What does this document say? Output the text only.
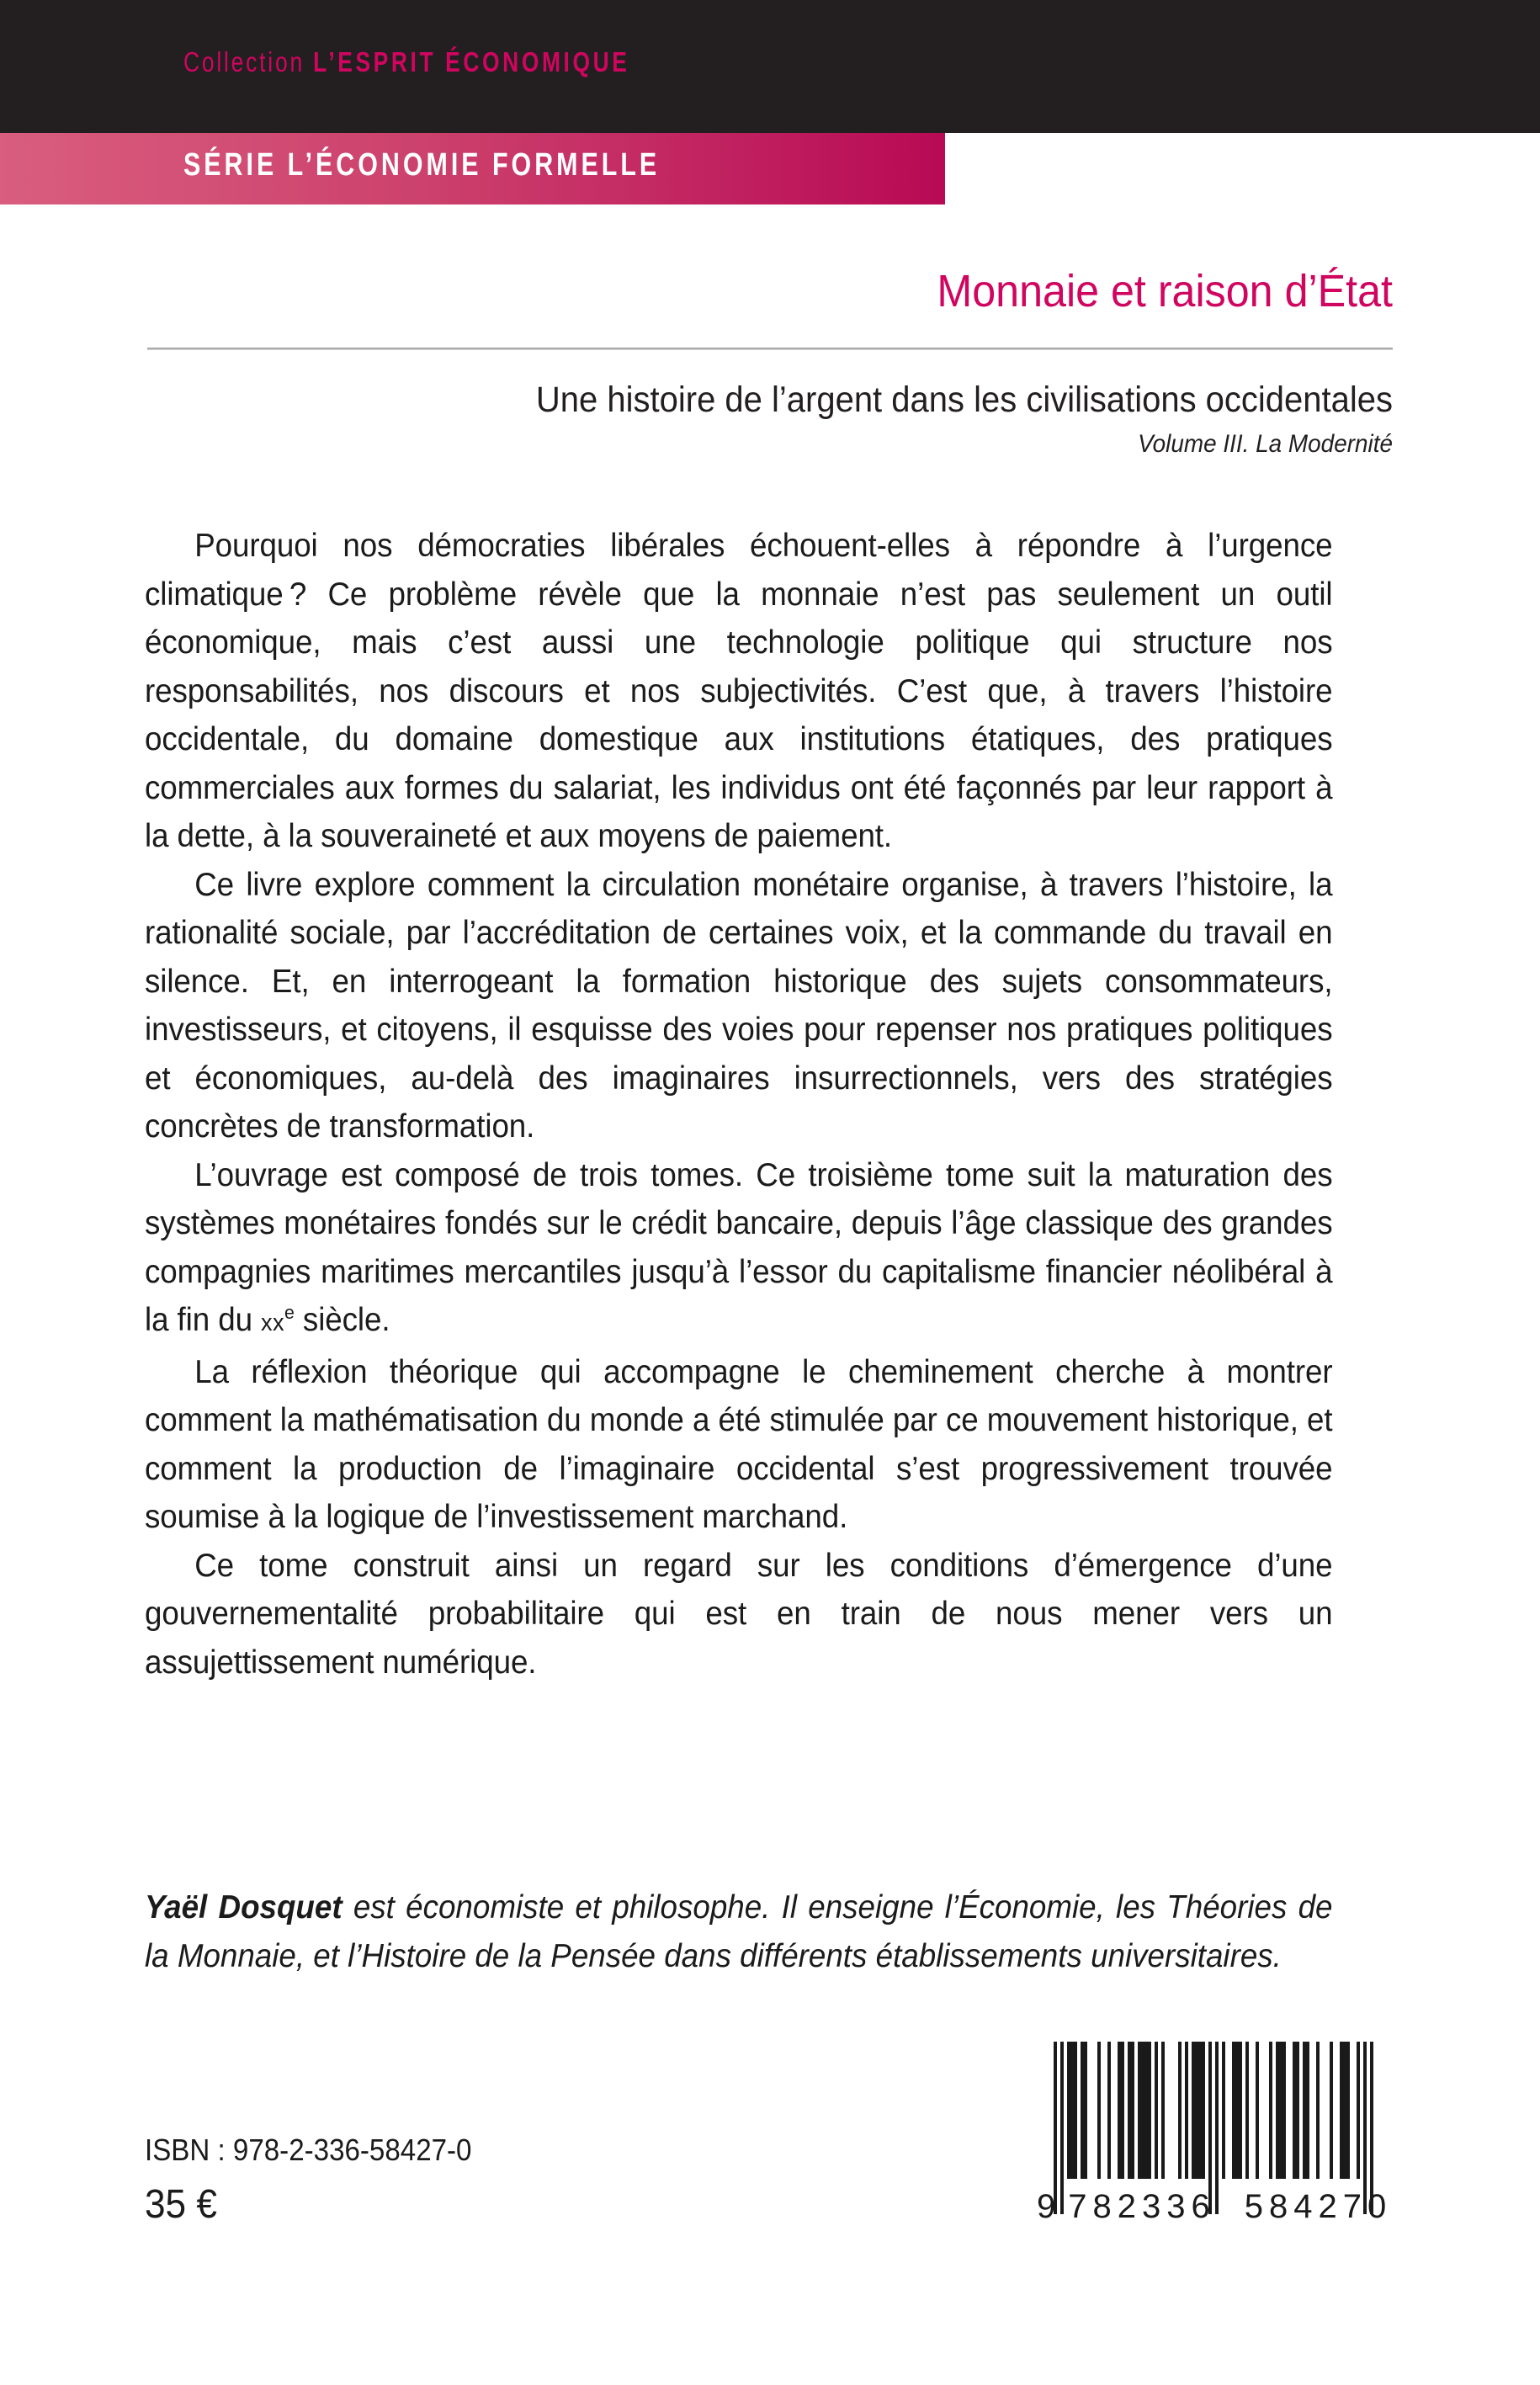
Collection L’ESPRIT ÉCONOMIQUE
SÉRIE L’ÉCONOMIE FORMELLE
Monnaie et raison d’État
Une histoire de l’argent dans les civilisations occidentales
Volume III. La Modernité

Pourquoi nos démocraties libérales échouent-elles à répondre à l’urgence climatique ? Ce problème révèle que la monnaie n’est pas seulement un outil économique, mais c’est aussi une technologie politique qui structure nos responsabilités, nos discours et nos subjectivités. C’est que, à travers l’histoire occidentale, du domaine domestique aux institutions étatiques, des pratiques commerciales aux formes du salariat, les individus ont été façonnés par leur rapport à la dette, à la souveraineté et aux moyens de paiement.

Ce livre explore comment la circulation monétaire organise, à travers l’histoire, la rationalité sociale, par l’accréditation de certaines voix, et la commande du travail en silence. Et, en interrogeant la formation historique des sujets consommateurs, investisseurs, et citoyens, il esquisse des voies pour repenser nos pratiques politiques et économiques, au-delà des imaginaires insurrectionnels, vers des stratégies concrètes de transformation.

L’ouvrage est composé de trois tomes. Ce troisième tome suit la maturation des systèmes monétaires fondés sur le crédit bancaire, depuis l’âge classique des grandes compagnies maritimes mercantiles jusqu’à l’essor du capitalisme financier néolibéral à la fin du $xx^e$ siècle.

La réflexion théorique qui accompagne le cheminement cherche à montrer comment la mathématisation du monde a été stimulée par ce mouvement historique, et comment la production de l’imaginaire occidental s’est progressivement trouvée soumise à la logique de l’investissement marchand.

Ce tome construit ainsi un regard sur les conditions d’émergence d’une gouvernementalité probabilitaire qui est en train de nous mener vers un assujettissement numérique.

Yaël Dosquet est économiste et philosophe. Il enseigne l’Économie, les Théories de la Monnaie, et l’Histoire de la Pensée dans différents établissements universitaires.
ISBN : 978-2-336-58427-0
35 €	9 782336 584270
